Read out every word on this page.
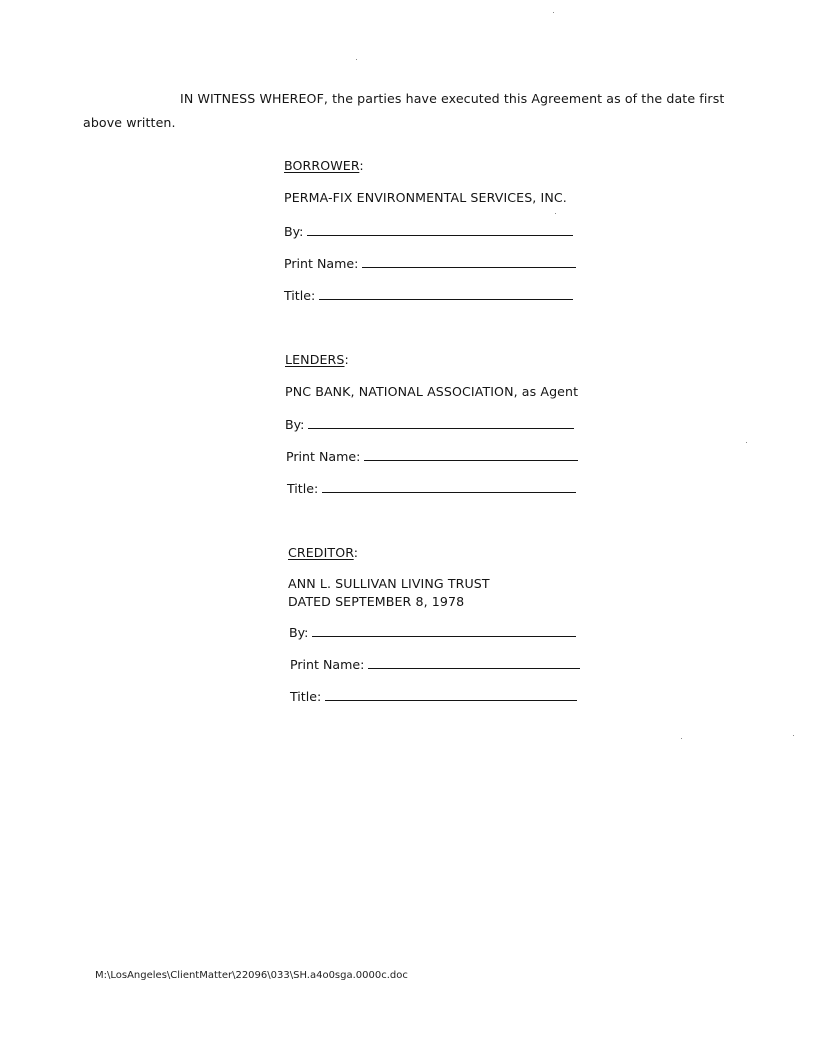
IN WITNESS WHEREOF, the parties have executed this Agreement as of the date first
above written.
BORROWER:
PERMA-FIX ENVIRONMENTAL SERVICES, INC.
By:
Print Name:
Title:
LENDERS:
PNC BANK, NATIONAL ASSOCIATION, as Agent
By:
Print Name:
Title:
CREDITOR:
ANN L. SULLIVAN LIVING TRUST
DATED SEPTEMBER 8, 1978
By:
Print Name:
Title:
M:\LosAngeles\ClientMatter\22096\033\SH.a4o0sga.0000c.doc
